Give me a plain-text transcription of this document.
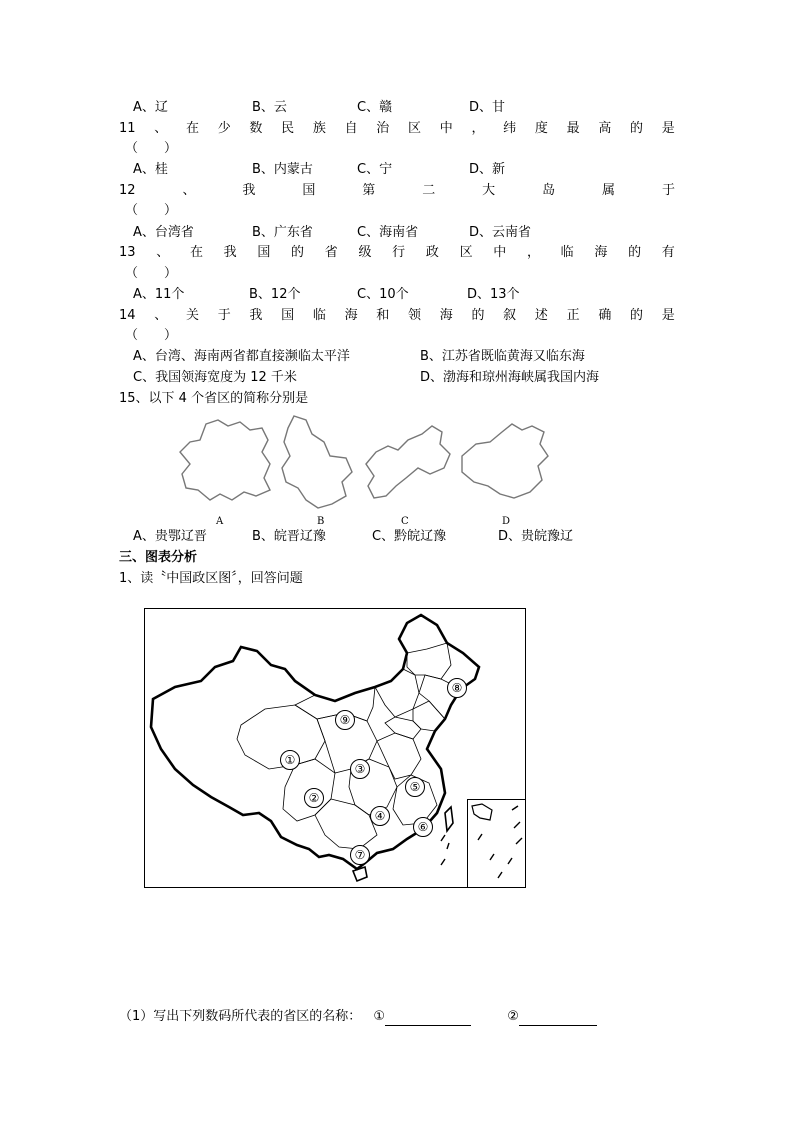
A、辽	B、云	C、赣	D、甘
11 、 在 少 数 民 族 自 治 区 中 ， 纬 度 最 高 的 是
（　　）
A、桂	B、内蒙古	C、宁	D、新
12	、	我	国	第	二	大	岛	属	于
（　　）
A、台湾省	B、广东省	C、海南省	D、云南省
13 、 在 我 国 的 省 级 行 政 区 中 ， 临 海 的 有
（　　）
A、11个	B、12个	C、10个	D、13个
14 、 关 于 我 国 临 海 和 领 海 的 叙 述 正 确 的 是
（　　）
A、台湾、海南两省都直接濒临太平洋	B、江苏省既临黄海又临东海
C、我国领海宽度为 12 千米	D、渤海和琼州海峡属我国内海
15、以下 4 个省区的简称分别是
A	B	C	D
A、贵鄂辽晋	B、皖晋辽豫	C、黔皖辽豫	D、贵皖豫辽
三、图表分析
1、读〝中国政区图〞，回答问题
①
②
③
④
⑤
⑥
⑦
⑧
⑨
（1）写出下列数码所代表的省区的名称： ①	②
